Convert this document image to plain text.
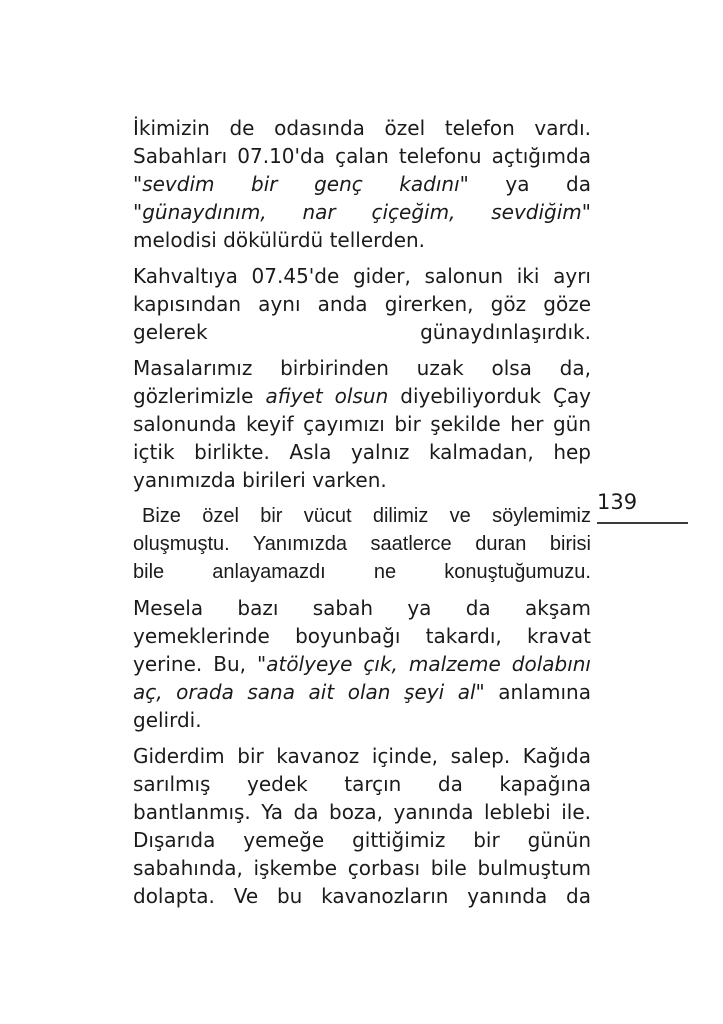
İkimizin de odasında özel telefon vardı.
Sabahları 07.10'da çalan telefonu açtığımda
"sevdim bir genç kadını" ya da
"günaydınım, nar çiçeğim, sevdiğim"
melodisi dökülürdü tellerden.
Kahvaltıya 07.45'de gider, salonun iki ayrı
kapısından aynı anda girerken, göz göze
gelerek günaydınlaşırdık.
Masalarımız birbirinden uzak olsa da,
gözlerimizle afiyet olsun diyebiliyorduk Çay
salonunda keyif çayımızı bir şekilde her gün
içtik birlikte. Asla yalnız kalmadan, hep
yanımızda birileri varken.
Bize özel bir vücut dilimiz ve söylemimiz
oluşmuştu. Yanımızda saatlerce duran birisi
bile anlayamazdı ne konuştuğumuzu.
Mesela bazı sabah ya da akşam
yemeklerinde boyunbağı takardı, kravat
yerine. Bu, "atölyeye çık, malzeme dolabını
aç, orada sana ait olan şeyi al" anlamına
gelirdi.
Giderdim bir kavanoz içinde, salep. Kağıda
sarılmış yedek tarçın da kapağına
bantlanmış. Ya da boza, yanında leblebi ile.
Dışarıda yemeğe gittiğimiz bir günün
sabahında, işkembe çorbası bile bulmuştum
dolapta. Ve bu kavanozların yanında da
139
